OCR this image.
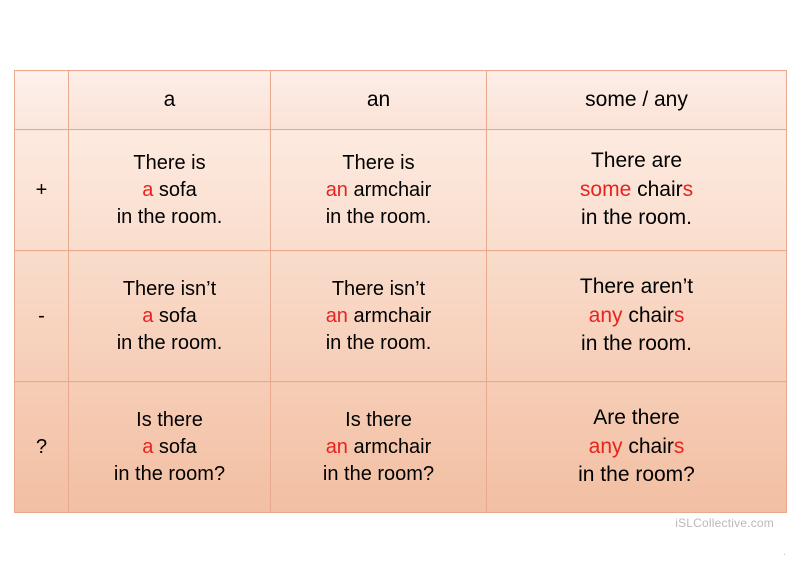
	a	an	some / any
+	There is
a sofa
in the room.	There is
an armchair
in the room.	There are
some chairs
in the room.

-	There isn’t
a sofa
in the room.	There isn’t
an armchair
in the room.	There aren’t
any chairs
in the room.

?	Is there
a sofa
in the room?	Is there
an armchair
in the room?	Are there
any chairs
in the room?
iSLCollective.com
.
